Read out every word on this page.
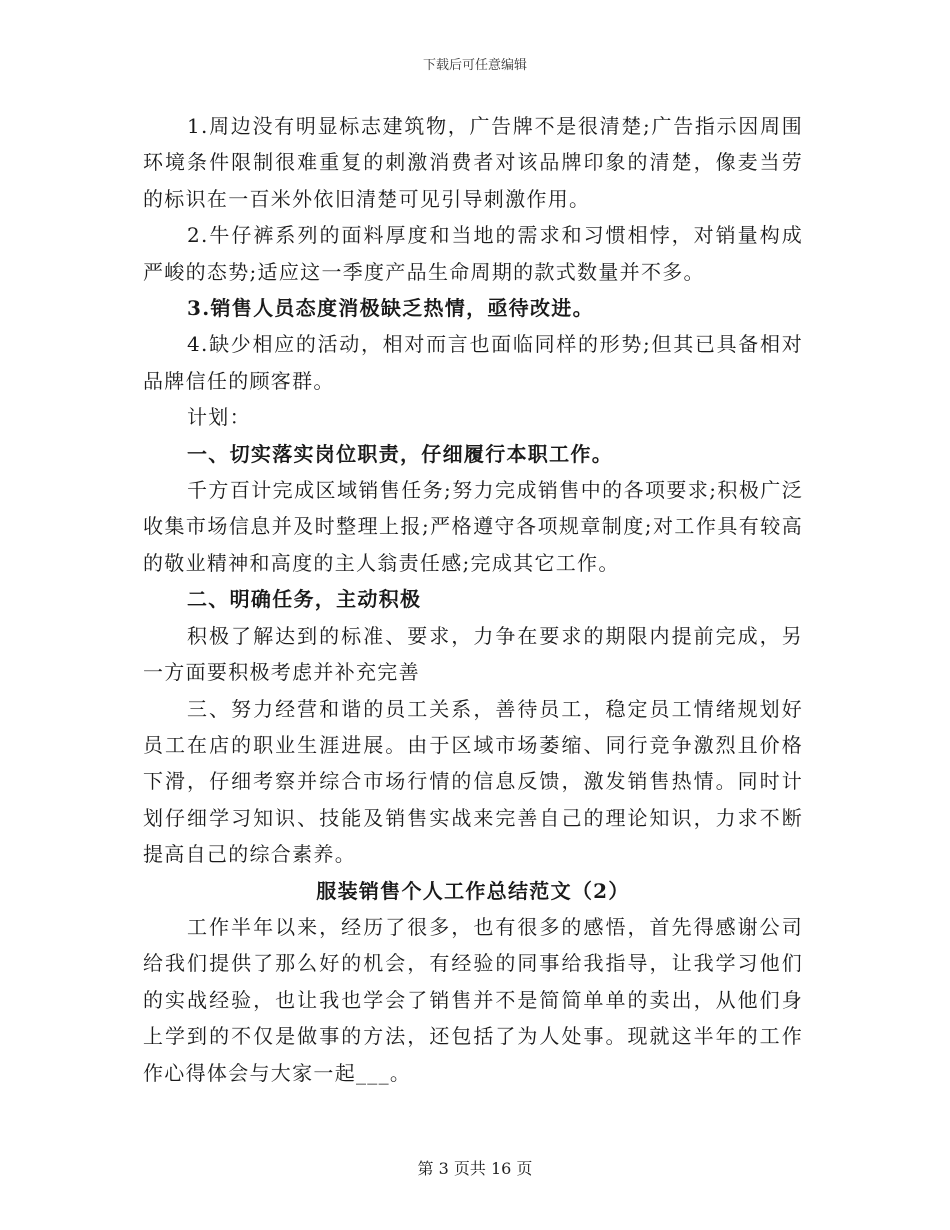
下载后可任意编辑

1.周边没有明显标志建筑物，广告牌不是很清楚;广告指示因周围环境条件限制很难重复的刺激消费者对该品牌印象的清楚，像麦当劳的标识在一百米外依旧清楚可见引导刺激作用。

2.牛仔裤系列的面料厚度和当地的需求和习惯相悖，对销量构成严峻的态势;适应这一季度产品生命周期的款式数量并不多。

3.销售人员态度消极缺乏热情，亟待改进。

4.缺少相应的活动，相对而言也面临同样的形势;但其已具备相对品牌信任的顾客群。

计划：

一、切实落实岗位职责，仔细履行本职工作。

千方百计完成区域销售任务;努力完成销售中的各项要求;积极广泛收集市场信息并及时整理上报;严格遵守各项规章制度;对工作具有较高的敬业精神和高度的主人翁责任感;完成其它工作。

二、明确任务，主动积极

积极了解达到的标准、要求，力争在要求的期限内提前完成，另一方面要积极考虑并补充完善

三、努力经营和谐的员工关系，善待员工，稳定员工情绪规划好员工在店的职业生涯进展。由于区域市场萎缩、同行竞争激烈且价格下滑，仔细考察并综合市场行情的信息反馈，激发销售热情。同时计划仔细学习知识、技能及销售实战来完善自己的理论知识，力求不断提高自己的综合素养。

服装销售个人工作总结范文（2）

工作半年以来，经历了很多，也有很多的感悟，首先得感谢公司给我们提供了那么好的机会，有经验的同事给我指导，让我学习他们的实战经验，也让我也学会了销售并不是简简单单的卖出，从他们身上学到的不仅是做事的方法，还包括了为人处事。现就这半年的工作作心得体会与大家一起___。

第 3 页共 16 页
